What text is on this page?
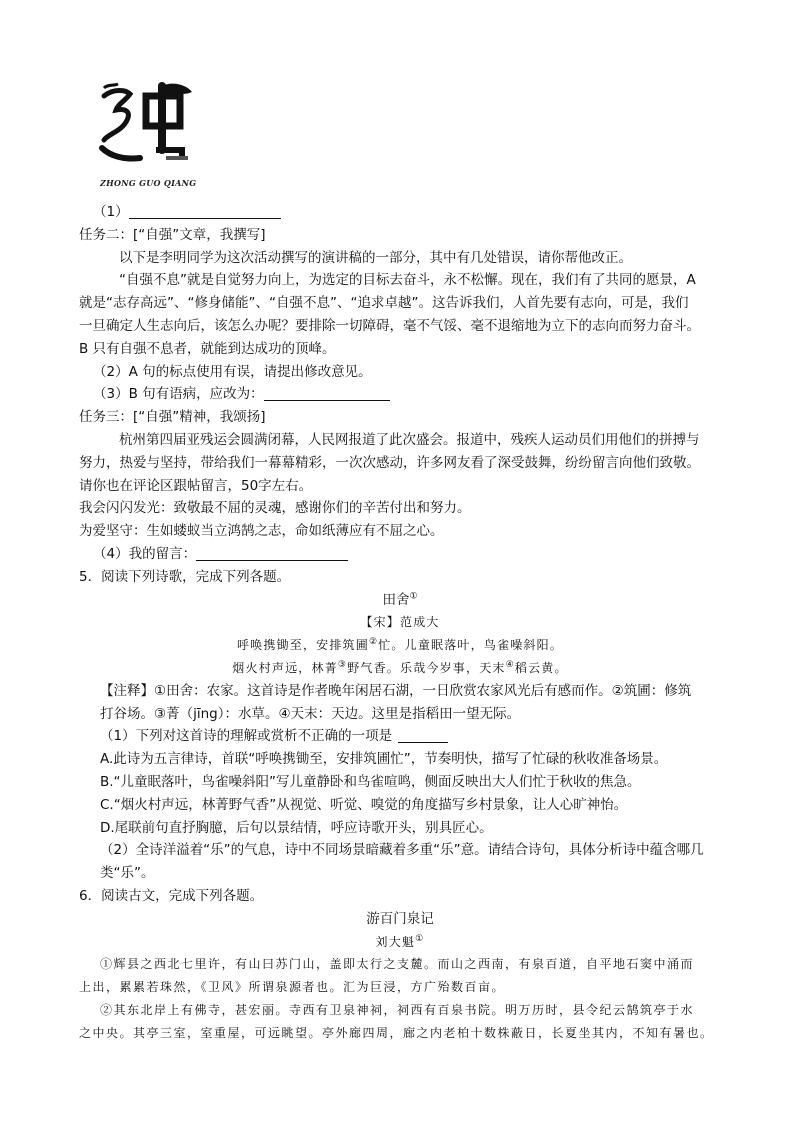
ZHONG GUO QIANG
（1）
任务二：[“自强”文章，我撰写]
以下是李明同学为这次活动撰写的演讲稿的一部分，其中有几处错误，请你帮他改正。
“自强不息”就是自觉努力向上，为选定的目标去奋斗，永不松懈。现在，我们有了共同的愿景，A
就是“志存高远”、“修身储能”、“自强不息”、“追求卓越”。这告诉我们，人首先要有志向，可是，我们
一旦确定人生志向后，该怎么办呢？要排除一切障碍，毫不气馁、毫不退缩地为立下的志向而努力奋斗。
B 只有自强不息者，就能到达成功的顶峰。
（2）A 句的标点使用有误，请提出修改意见。
（3）B 句有语病，应改为：
任务三：[“自强”精神，我颂扬]
杭州第四届亚残运会圆满闭幕，人民网报道了此次盛会。报道中，残疾人运动员们用他们的拼搏与
努力，热爱与坚持，带给我们一幕幕精彩，一次次感动，许多网友看了深受鼓舞，纷纷留言向他们致敬。
请你也在评论区跟帖留言，50字左右。
我会闪闪发光：致敬最不屈的灵魂，感谢你们的辛苦付出和努力。
为爱坚守：生如蝼蚁当立鸿鹄之志，命如纸薄应有不屈之心。
（4）我的留言：
5．阅读下列诗歌，完成下列各题。
田舍①
【宋】范成大
呼唤携锄至，安排筑圃②忙。儿童眠落叶，鸟雀噪斜阳。
烟火村声远，林菁③野气香。乐哉今岁事，天末④稻云黄。
【注释】①田舍：农家。这首诗是作者晚年闲居石湖，一日欣赏农家风光后有感而作。②筑圃：修筑
打谷场。③菁（jīng）：水草。④天末：天边。这里是指稻田一望无际。
（1）下列对这首诗的理解或赏析不正确的一项是
A.此诗为五言律诗，首联“呼唤携锄至，安排筑圃忙”，节奏明快，描写了忙碌的秋收准备场景。
B.“儿童眠落叶，鸟雀噪斜阳”写儿童静卧和鸟雀喧鸣，侧面反映出大人们忙于秋收的焦急。
C.“烟火村声远，林菁野气香”从视觉、听觉、嗅觉的角度描写乡村景象，让人心旷神怡。
D.尾联前句直抒胸臆，后句以景结情，呼应诗歌开头，别具匠心。
（2）全诗洋溢着“乐”的气息，诗中不同场景暗藏着多重“乐”意。请结合诗句，具体分析诗中蕴含哪几
类“乐”。
6．阅读古文，完成下列各题。
游百门泉记
刘大魁①
①辉县之西北七里许，有山曰苏门山，盖即太行之支麓。而山之西南，有泉百道，自平地石窦中涌而
上出，累累若珠然，《卫风》所谓泉源者也。汇为巨浸，方广殆数百亩。
②其东北岸上有佛寺，甚宏丽。寺西有卫泉神祠，祠西有百泉书院。明万历时，县令纪云鹄筑亭于水
之中央。其亭三室，室重屋，可远眺望。亭外廊四周，廊之内老柏十数株蔽日，长夏坐其内，不知有暑也。
